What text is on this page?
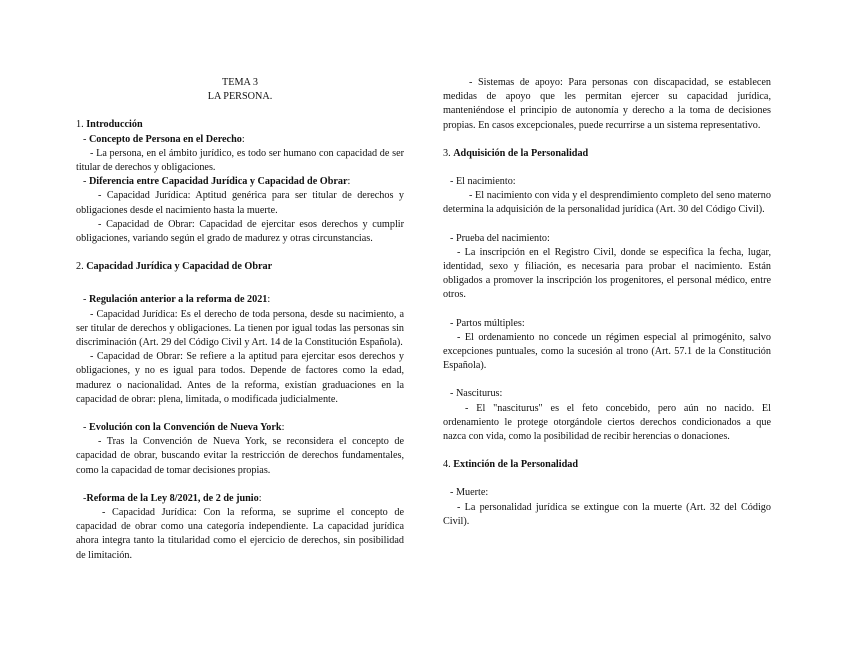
TEMA 3

LA PERSONA.

1. Introducción

- Concepto de Persona en el Derecho:

- La persona, en el ámbito jurídico, es todo ser humano con capacidad de ser titular de derechos y obligaciones.

- Diferencia entre Capacidad Jurídica y Capacidad de Obrar:

- Capacidad Jurídica: Aptitud genérica para ser titular de derechos y obligaciones desde el nacimiento hasta la muerte.

- Capacidad de Obrar: Capacidad de ejercitar esos derechos y cumplir obligaciones, variando según el grado de madurez y otras circunstancias.

2. Capacidad Jurídica y Capacidad de Obrar

- Regulación anterior a la reforma de 2021:

- Capacidad Jurídica: Es el derecho de toda persona, desde su nacimiento, a ser titular de derechos y obligaciones. La tienen por igual todas las personas sin discriminación (Art. 29 del Código Civil y Art. 14 de la Constitución Española).

- Capacidad de Obrar: Se refiere a la aptitud para ejercitar esos derechos y obligaciones, y no es igual para todos. Depende de factores como la edad, madurez o nacionalidad. Antes de la reforma, existían graduaciones en la capacidad de obrar: plena, limitada, o modificada judicialmente.

- Evolución con la Convención de Nueva York:

- Tras la Convención de Nueva York, se reconsidera el concepto de capacidad de obrar, buscando evitar la restricción de derechos fundamentales, como la capacidad de tomar decisiones propias.

-Reforma de la Ley 8/2021, de 2 de junio:

- Capacidad Jurídica: Con la reforma, se suprime el concepto de capacidad de obrar como una categoría independiente. La capacidad jurídica ahora integra tanto la titularidad como el ejercicio de derechos, sin posibilidad de limitación.

- Sistemas de apoyo: Para personas con discapacidad, se establecen medidas de apoyo que les permitan ejercer su capacidad jurídica, manteniéndose el principio de autonomía y derecho a la toma de decisiones propias. En casos excepcionales, puede recurrirse a un sistema representativo.

3. Adquisición de la Personalidad

- El nacimiento:

- El nacimiento con vida y el desprendimiento completo del seno materno determina la adquisición de la personalidad jurídica (Art. 30 del Código Civil).

- Prueba del nacimiento:

- La inscripción en el Registro Civil, donde se especifica la fecha, lugar, identidad, sexo y filiación, es necesaria para probar el nacimiento. Están obligados a promover la inscripción los progenitores, el personal médico, entre otros.

- Partos múltiples:

- El ordenamiento no concede un régimen especial al primogénito, salvo excepciones puntuales, como la sucesión al trono (Art. 57.1 de la Constitución Española).

- Nasciturus:

- El "nasciturus" es el feto concebido, pero aún no nacido. El ordenamiento le protege otorgándole ciertos derechos condicionados a que nazca con vida, como la posibilidad de recibir herencias o donaciones.

4. Extinción de la Personalidad

- Muerte:

- La personalidad jurídica se extingue con la muerte (Art. 32 del Código Civil).
